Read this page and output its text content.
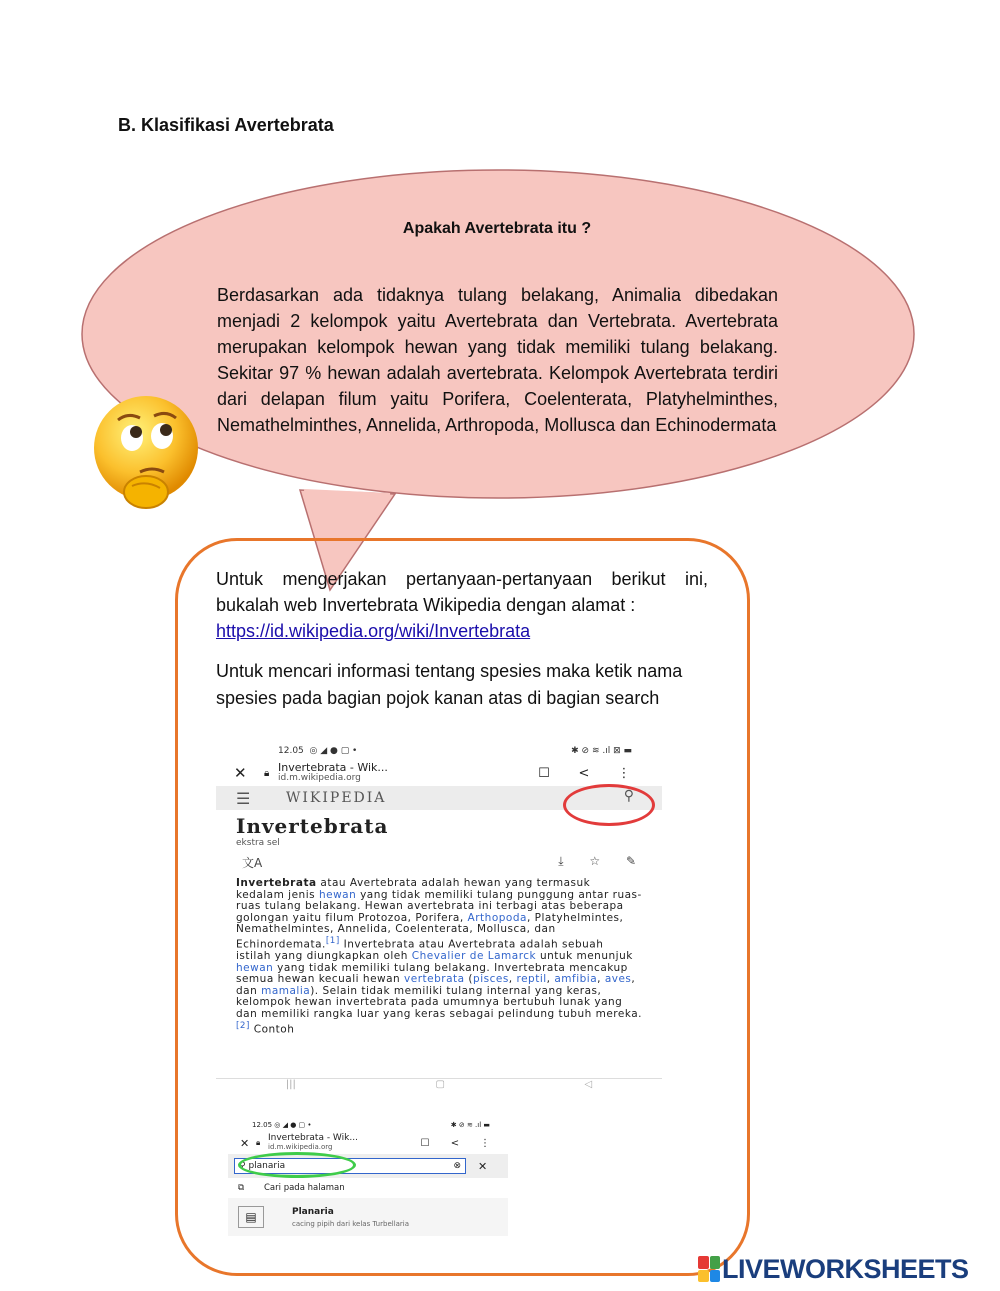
B. Klasifikasi Avertebrata
Apakah Avertebrata itu ?
Berdasarkan ada tidaknya tulang belakang, Animalia dibedakan menjadi 2 kelompok yaitu Avertebrata dan Vertebrata. Avertebrata merupakan kelompok hewan yang tidak memiliki tulang belakang. Sekitar 97 % hewan adalah avertebrata. Kelompok Avertebrata terdiri dari delapan filum yaitu Porifera, Coelenterata, Platyhelminthes, Nemathelminthes, Annelida, Arthropoda, Mollusca dan Echinodermata
Untuk mengerjakan pertanyaan-pertanyaan berikut ini, bukalah web Invertebrata Wikipedia dengan alamat :
https://id.wikipedia.org/wiki/Invertebrata
Untuk mencari informasi tentang spesies maka ketik nama spesies pada bagian pojok kanan atas di bagian search
12.05  ◎ ◢ ● ▢ •	✱ ⊘ ≋ .ıl ⊠ ▬
✕	🔒︎ Invertebrata - Wik...
id.m.wikipedia.org	☐	<	⋮
☰	WIKIPEDIA	⚲
Invertebrata
ekstra sel
文A	⤓ ☆ ✎
Invertebrata atau Avertebrata adalah hewan yang termasuk kedalam jenis hewan yang tidak memiliki tulang punggung antar ruas-ruas tulang belakang. Hewan avertebrata ini terbagi atas beberapa golongan yaitu filum Protozoa, Porifera, Arthopoda, Platyhelmintes, Nemathelmintes, Annelida, Coelenterata, Mollusca, dan Echinordemata.[1] Invertebrata atau Avertebrata adalah sebuah istilah yang diungkapkan oleh Chevalier de Lamarck untuk menunjuk hewan yang tidak memiliki tulang belakang. Invertebrata mencakup semua hewan kecuali hewan vertebrata (pisces, reptil, amfibia, aves, dan mamalia). Selain tidak memiliki tulang internal yang keras, kelompok hewan invertebrata pada umumnya bertubuh lunak yang dan memiliki rangka luar yang keras sebagai pelindung tubuh mereka.[2] Contoh
|||	▢	◁
12.05 ◎ ◢ ● ▢ •	✱ ⊘ ≋ .ıl ▬
✕ 🔒︎ Invertebrata - Wik...
id.m.wikipedia.org	☐	<	⋮
⚲ planaria	⊗ ✕
⧉	Cari pada halaman
▤	Planaria
cacing pipih dari kelas Turbellaria
LIVEWORKSHEETS
